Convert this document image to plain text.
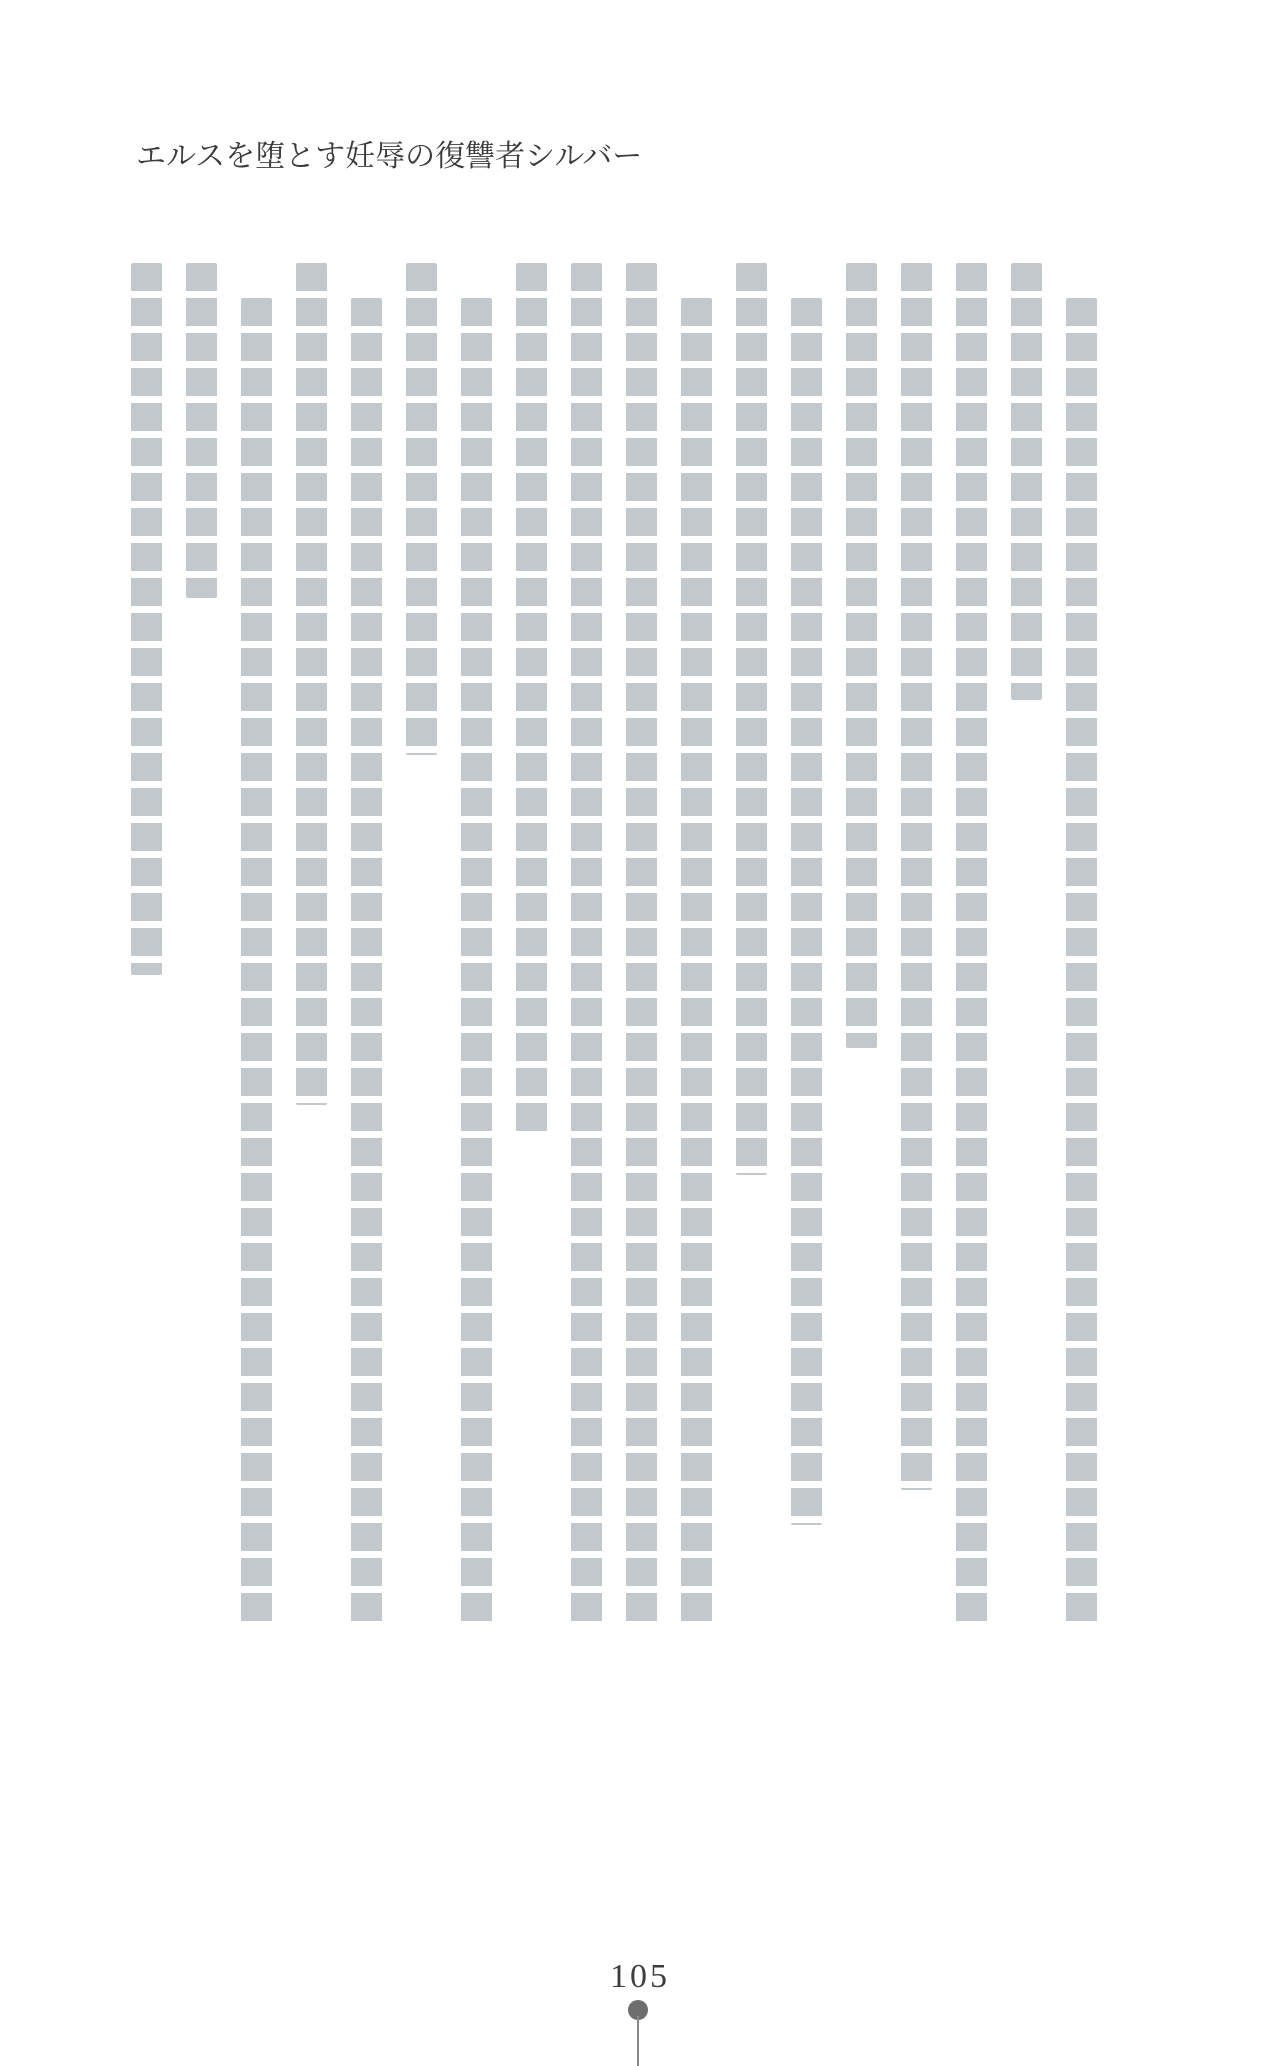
エルスを堕とす妊辱の復讐者シルバー
105
